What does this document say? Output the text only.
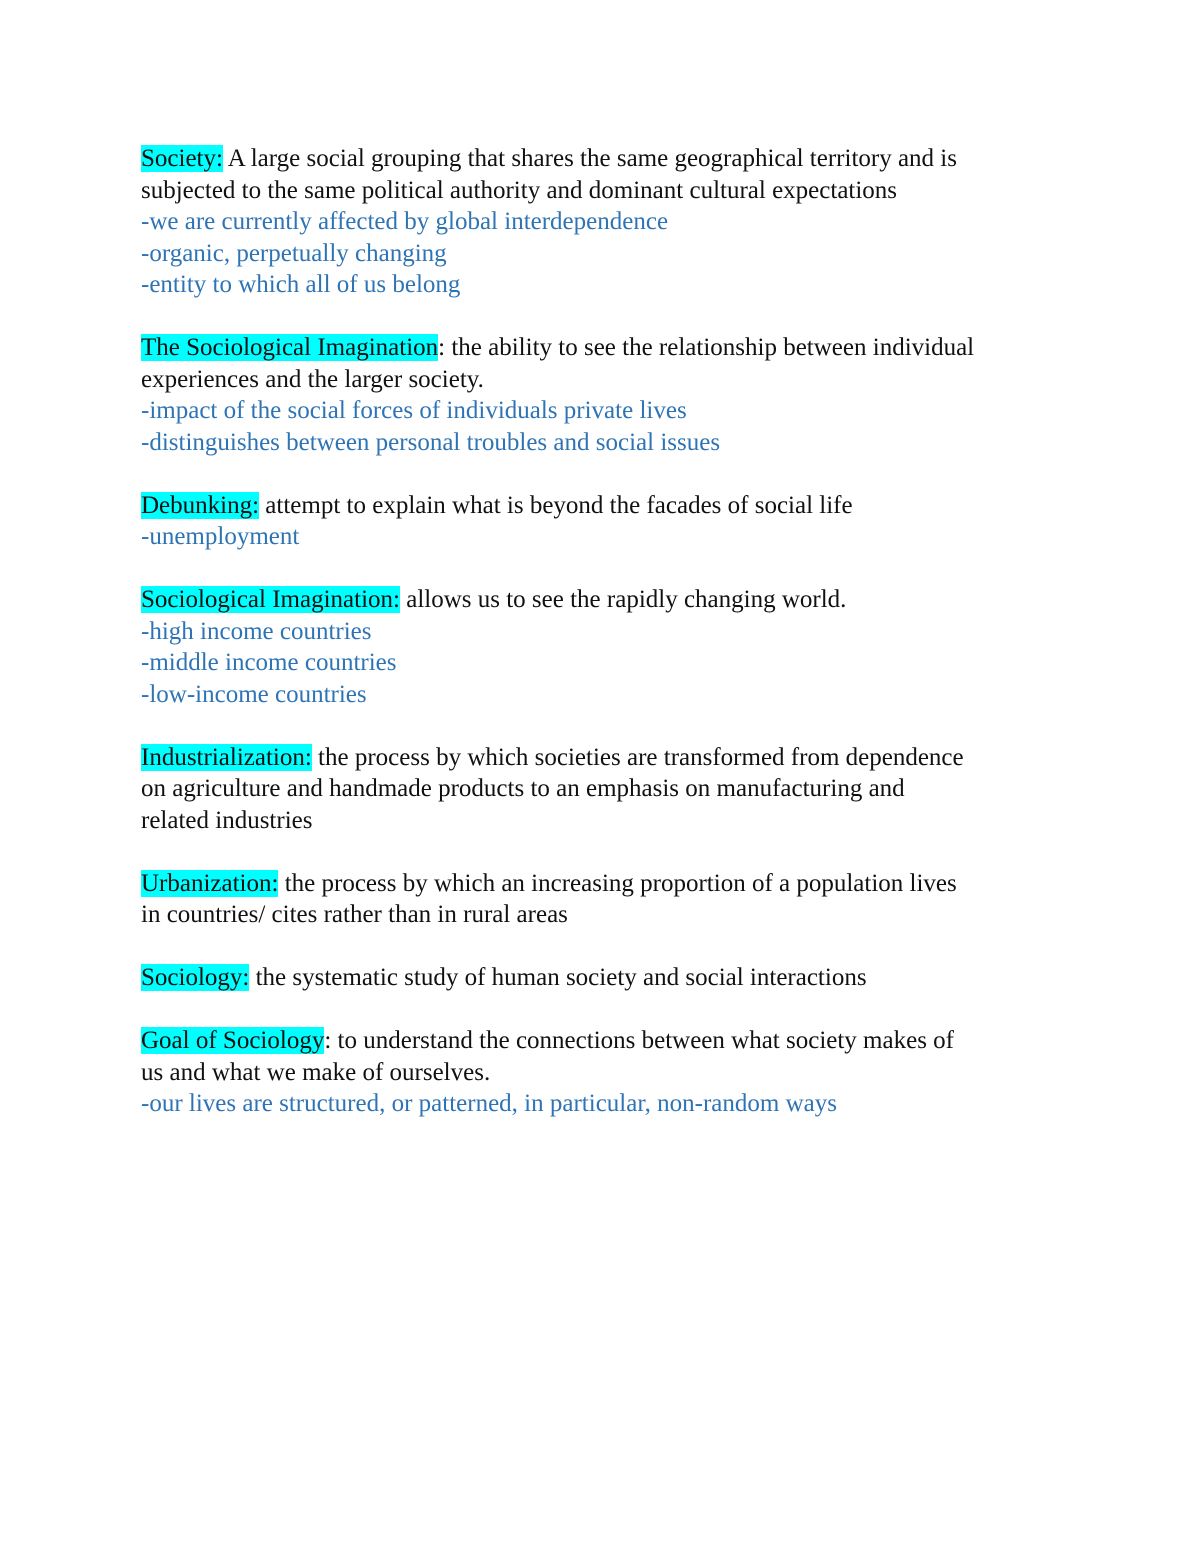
Society: A large social grouping that shares the same geographical territory and is
subjected to the same political authority and dominant cultural expectations
-we are currently affected by global interdependence
-organic, perpetually changing
-entity to which all of us belong
The Sociological Imagination: the ability to see the relationship between individual
experiences and the larger society.
-impact of the social forces of individuals private lives
-distinguishes between personal troubles and social issues
Debunking: attempt to explain what is beyond the facades of social life
-unemployment
Sociological Imagination: allows us to see the rapidly changing world.
-high income countries
-middle income countries
-low-income countries
Industrialization: the process by which societies are transformed from dependence
on agriculture and handmade products to an emphasis on manufacturing and
related industries
Urbanization: the process by which an increasing proportion of a population lives
in countries/ cites rather than in rural areas
Sociology: the systematic study of human society and social interactions
Goal of Sociology: to understand the connections between what society makes of
us and what we make of ourselves.
-our lives are structured, or patterned, in particular, non-random ways
